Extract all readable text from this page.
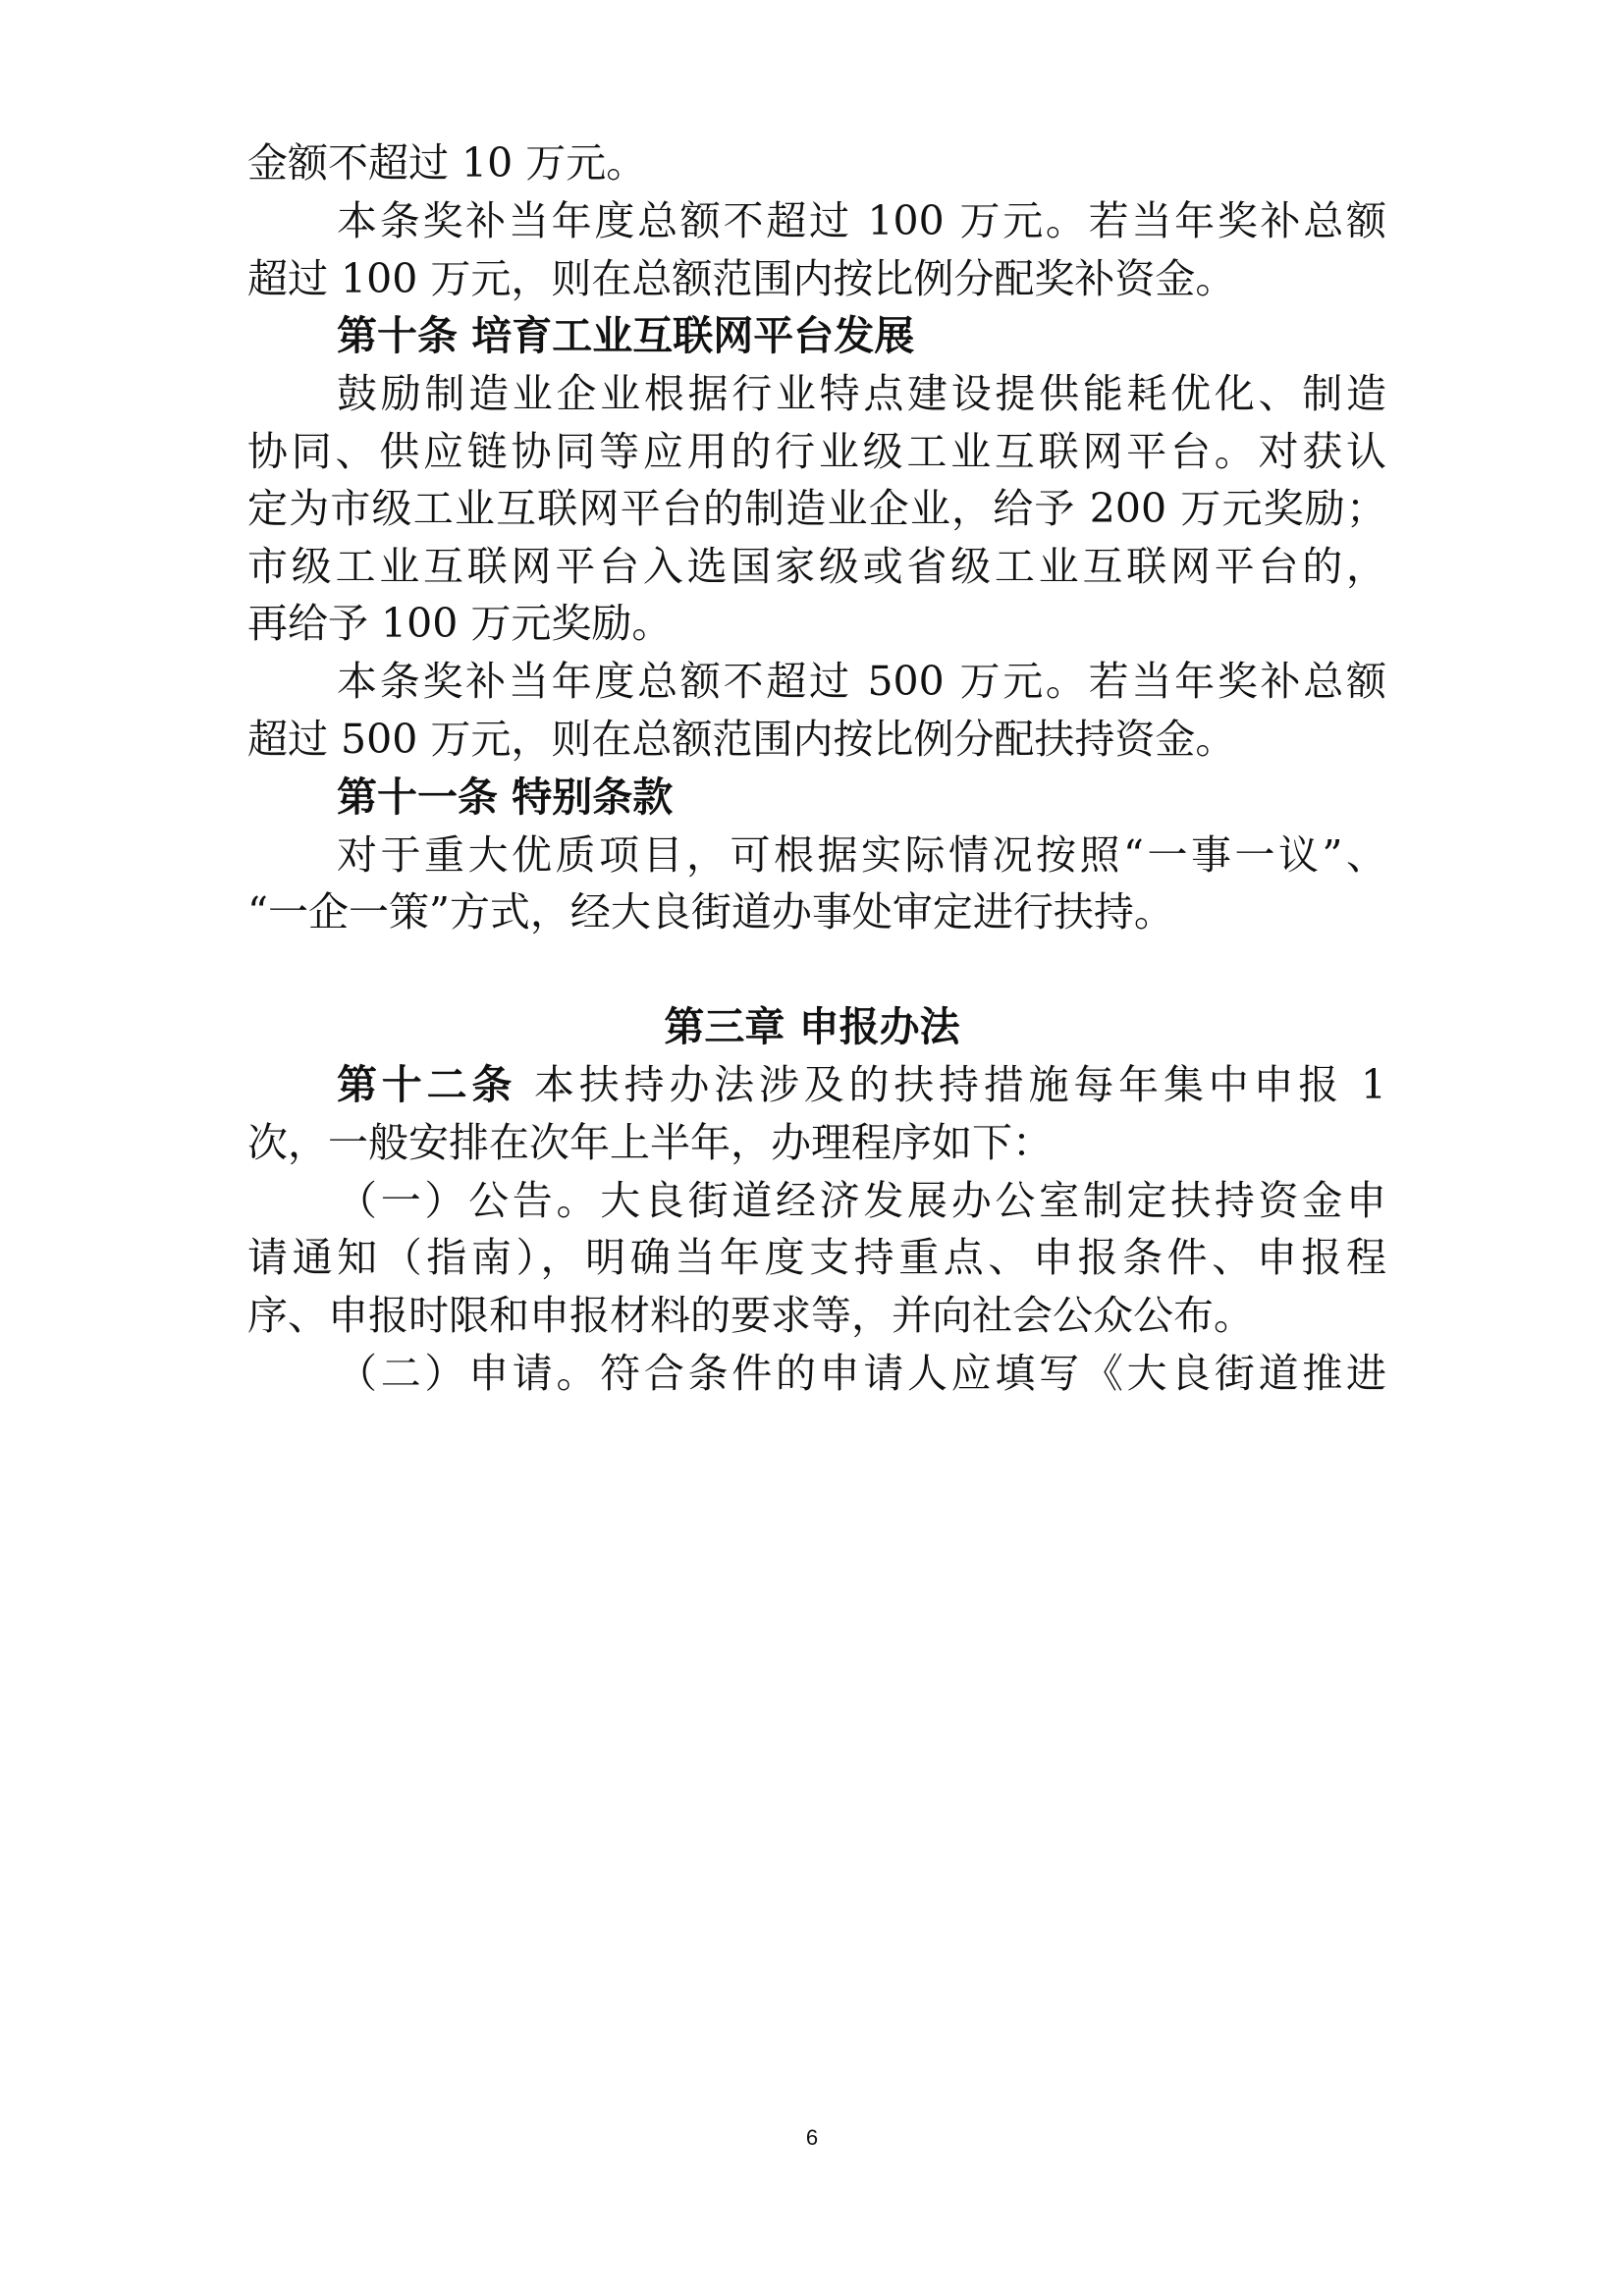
金额不超过 10 万元。
本条奖补当年度总额不超过 100 万元。若当年奖补总额
超过 100 万元，则在总额范围内按比例分配奖补资金。
第十条 培育工业互联网平台发展
鼓励制造业企业根据行业特点建设提供能耗优化、制造
协同、供应链协同等应用的行业级工业互联网平台。对获认
定为市级工业互联网平台的制造业企业，给予 200 万元奖励；
市级工业互联网平台入选国家级或省级工业互联网平台的，
再给予 100 万元奖励。
本条奖补当年度总额不超过 500 万元。若当年奖补总额
超过 500 万元，则在总额范围内按比例分配扶持资金。
第十一条 特别条款
对于重大优质项目，可根据实际情况按照“一事一议”、
“一企一策”方式，经大良街道办事处审定进行扶持。
第三章 申报办法
第十二条 本扶持办法涉及的扶持措施每年集中申报 1
次，一般安排在次年上半年，办理程序如下：
（一）公告。大良街道经济发展办公室制定扶持资金申
请通知（指南），明确当年度支持重点、申报条件、申报程
序、申报时限和申报材料的要求等，并向社会公众公布。
（二）申请。符合条件的申请人应填写《大良街道推进
6
